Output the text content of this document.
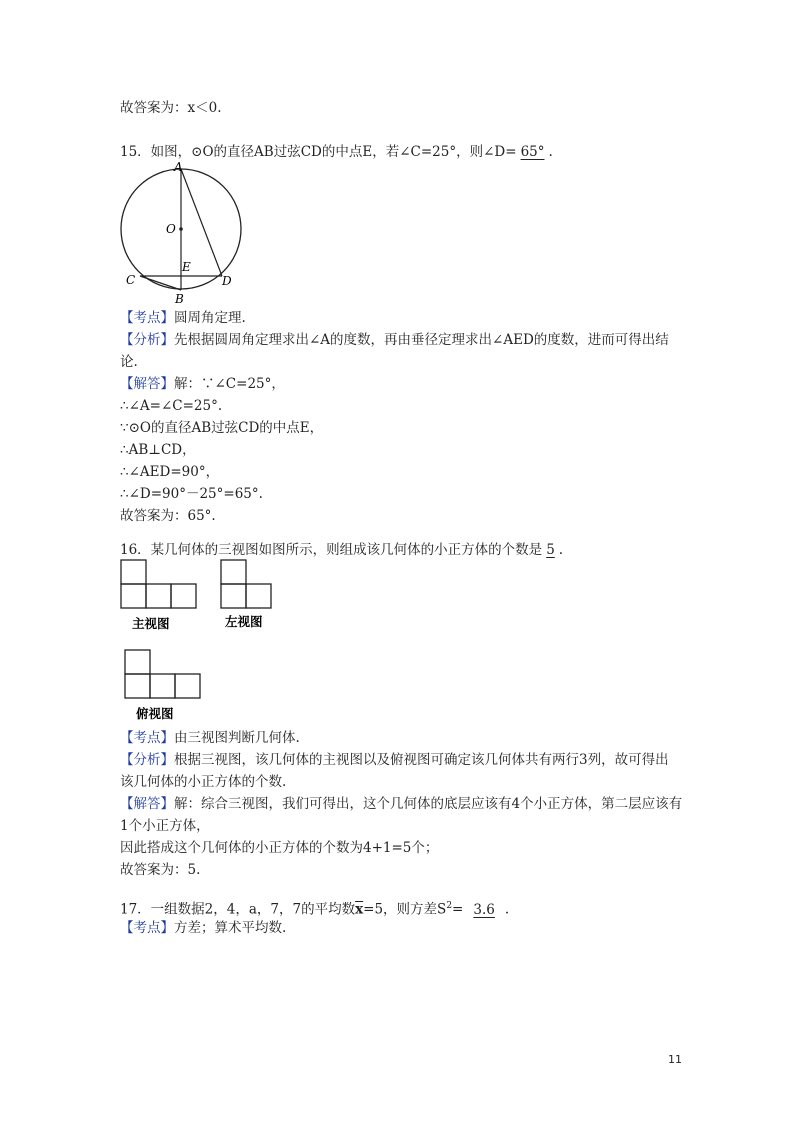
故答案为：x＜0.
15．如图，⊙O的直径AB过弦CD的中点E，若∠C=25°，则∠D= 65° .
A
O
E
C	D
B
【考点】圆周角定理.
【分析】先根据圆周角定理求出∠A的度数，再由垂径定理求出∠AED的度数，进而可得出结
论.
【解答】解：∵∠C=25°，
∴∠A=∠C=25°.
∵⊙O的直径AB过弦CD的中点E，
∴AB⊥CD，
∴∠AED=90°，
∴∠D=90°－25°=65°.
故答案为：65°.
16．某几何体的三视图如图所示，则组成该几何体的小正方体的个数是 5 .
主视图	左视图
俯视图
【考点】由三视图判断几何体.
【分析】根据三视图，该几何体的主视图以及俯视图可确定该几何体共有两行3列，故可得出
该几何体的小正方体的个数.
【解答】解：综合三视图，我们可得出，这个几何体的底层应该有4个小正方体，第二层应该有
1个小正方体，
因此搭成这个几何体的小正方体的个数为4+1=5个；
故答案为：5.
17．一组数据2，4，a，7，7的平均数$\overline{x}=5$，则方差$S^2= 3.6$ .
【考点】方差；算术平均数.
11
